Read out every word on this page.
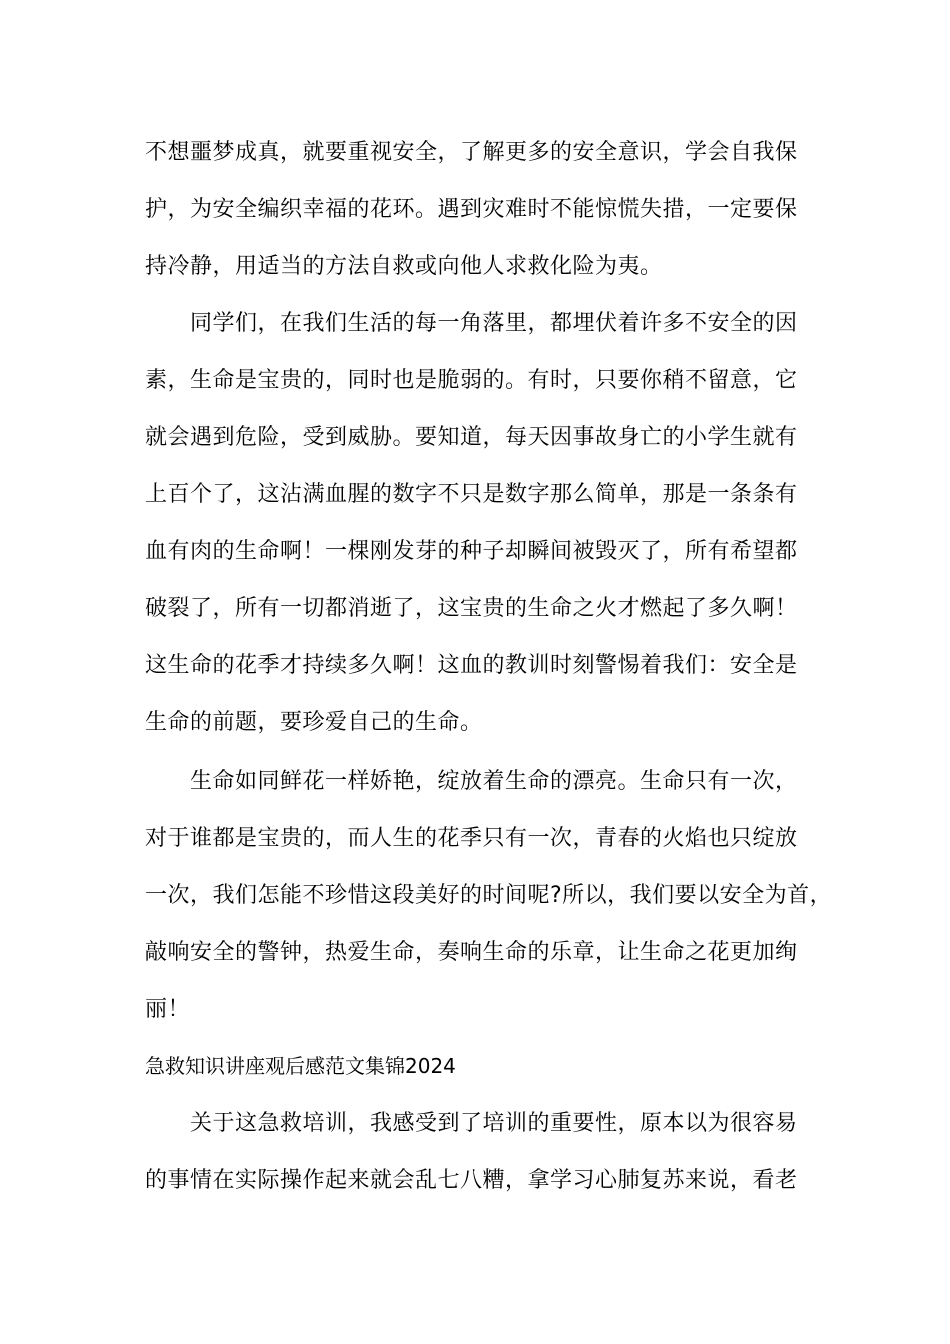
不想噩梦成真，就要重视安全，了解更多的安全意识，学会自我保
护，为安全编织幸福的花环。遇到灾难时不能惊慌失措，一定要保
持冷静，用适当的方法自救或向他人求救化险为夷。
同学们，在我们生活的每一角落里，都埋伏着许多不安全的因
素，生命是宝贵的，同时也是脆弱的。有时，只要你稍不留意，它
就会遇到危险，受到威胁。要知道，每天因事故身亡的小学生就有
上百个了，这沾满血腥的数字不只是数字那么简单，那是一条条有
血有肉的生命啊！一棵刚发芽的种子却瞬间被毁灭了，所有希望都
破裂了，所有一切都消逝了，这宝贵的生命之火才燃起了多久啊！
这生命的花季才持续多久啊！这血的教训时刻警惕着我们：安全是
生命的前题，要珍爱自己的生命。
生命如同鲜花一样娇艳，绽放着生命的漂亮。生命只有一次，
对于谁都是宝贵的，而人生的花季只有一次，青春的火焰也只绽放
一次，我们怎能不珍惜这段美好的时间呢?所以，我们要以安全为首，
敲响安全的警钟，热爱生命，奏响生命的乐章，让生命之花更加绚
丽！
急救知识讲座观后感范文集锦2024
关于这急救培训，我感受到了培训的重要性，原本以为很容易
的事情在实际操作起来就会乱七八糟，拿学习心肺复苏来说，看老
